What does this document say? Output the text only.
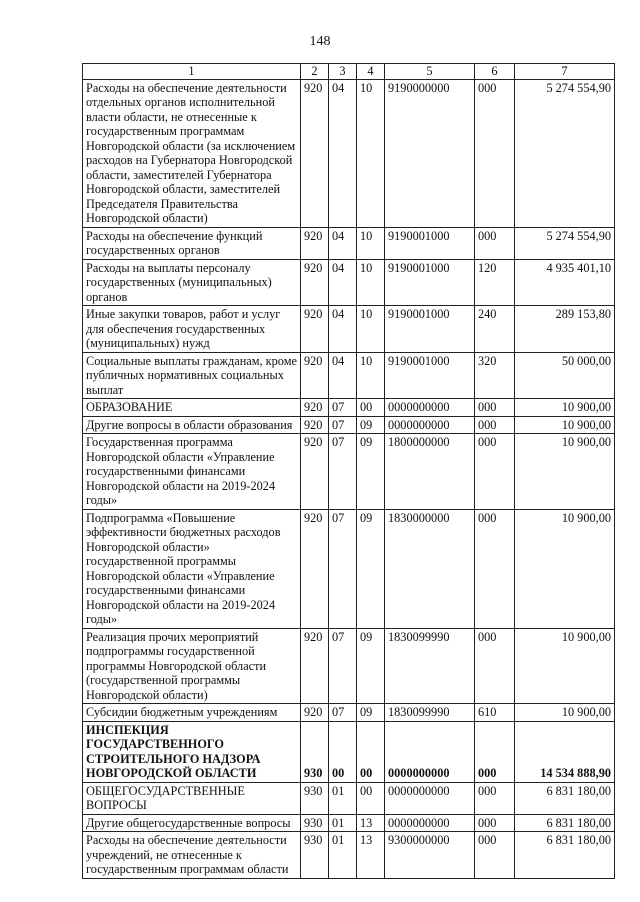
148
1	2	3	4	5	6	7
Расходы на обеспечение деятельности отдельных органов исполнительной власти области, не отнесенные к государственным программам Новгородской области (за исключением расходов на Губернатора Новгородской области, заместителей Губернатора Новгородской области, заместителей Председателя Правительства Новгородской области)	920	04	10	9190000000	000	5 274 554,90
Расходы на обеспечение функций государственных органов	920	04	10	9190001000	000	5 274 554,90
Расходы на выплаты персоналу государственных (муниципальных) органов	920	04	10	9190001000	120	4 935 401,10
Иные закупки товаров, работ и услуг для обеспечения государственных (муниципальных) нужд	920	04	10	9190001000	240	289 153,80
Социальные выплаты гражданам, кроме публичных нормативных социальных выплат	920	04	10	9190001000	320	50 000,00
ОБРАЗОВАНИЕ	920	07	00	0000000000	000	10 900,00
Другие вопросы в области образования	920	07	09	0000000000	000	10 900,00
Государственная программа Новгородской области «Управление государственными финансами Новгородской области на 2019-2024 годы»	920	07	09	1800000000	000	10 900,00
Подпрограмма «Повышение эффективности бюджетных расходов Новгородской области» государственной программы Новгородской области «Управление государственными финансами Новгородской области на 2019-2024 годы»	920	07	09	1830000000	000	10 900,00
Реализация прочих мероприятий подпрограммы государственной программы Новгородской области (государственной программы Новгородской области)	920	07	09	1830099990	000	10 900,00
Субсидии бюджетным учреждениям	920	07	09	1830099990	610	10 900,00
ИНСПЕКЦИЯ ГОСУДАРСТВЕННОГО СТРОИТЕЛЬНОГО НАДЗОРА НОВГОРОДСКОЙ ОБЛАСТИ	930	00	00	0000000000	000	14 534 888,90
ОБЩЕГОСУДАРСТВЕННЫЕ ВОПРОСЫ	930	01	00	0000000000	000	6 831 180,00
Другие общегосударственные вопросы	930	01	13	0000000000	000	6 831 180,00
Расходы на обеспечение деятельности учреждений, не отнесенные к государственным программам области	930	01	13	9300000000	000	6 831 180,00
